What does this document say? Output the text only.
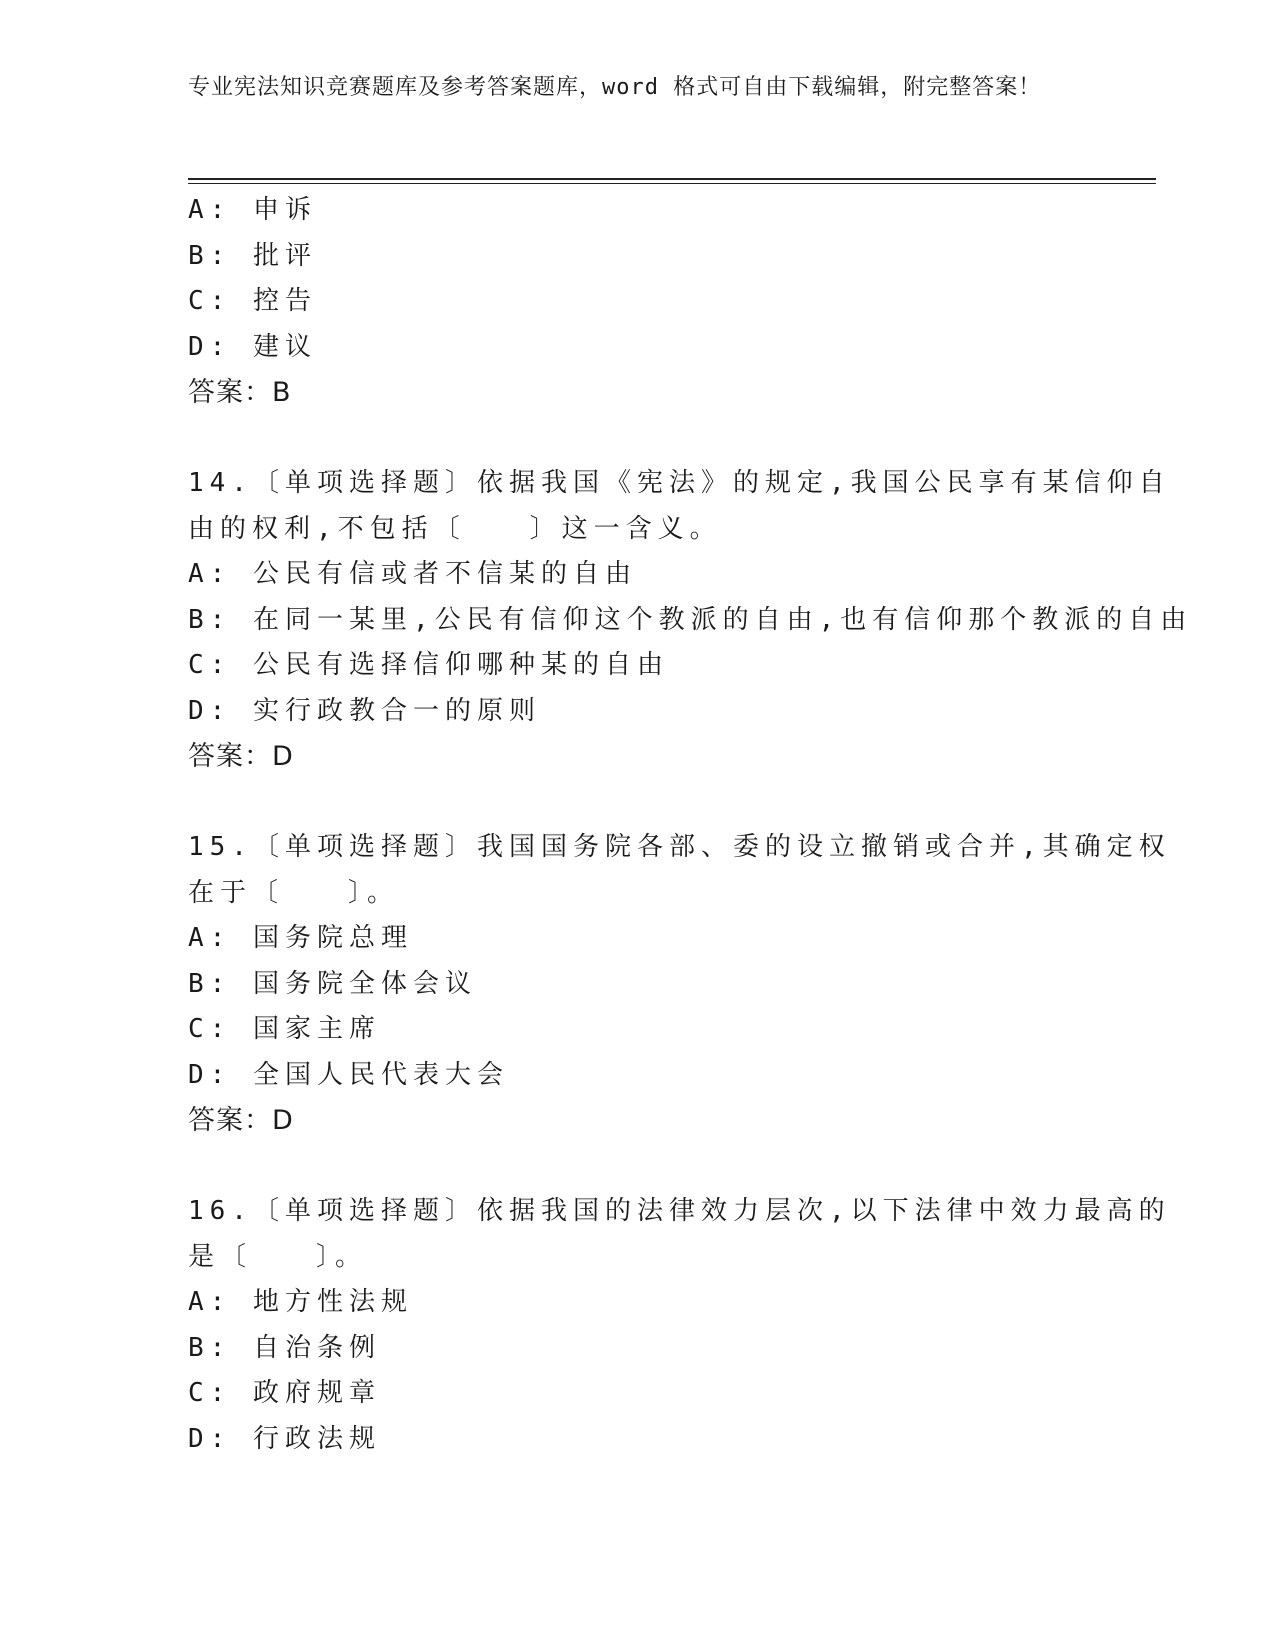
专业宪法知识竞赛题库及参考答案题库，word 格式可自由下载编辑，附完整答案！
A: 申诉
B: 批评
C: 控告
D: 建议
答案：B
14.〔单项选择题〕依据我国《宪法》的规定,我国公民享有某信仰自
由的权利,不包括〔　　〕这一含义。
A: 公民有信或者不信某的自由
B: 在同一某里,公民有信仰这个教派的自由,也有信仰那个教派的自由
C: 公民有选择信仰哪种某的自由
D: 实行政教合一的原则
答案：D
15.〔单项选择题〕我国国务院各部、委的设立撤销或合并,其确定权
在于〔　　〕。
A: 国务院总理
B: 国务院全体会议
C: 国家主席
D: 全国人民代表大会
答案：D
16.〔单项选择题〕依据我国的法律效力层次,以下法律中效力最高的
是〔　　〕。
A: 地方性法规
B: 自治条例
C: 政府规章
D: 行政法规
